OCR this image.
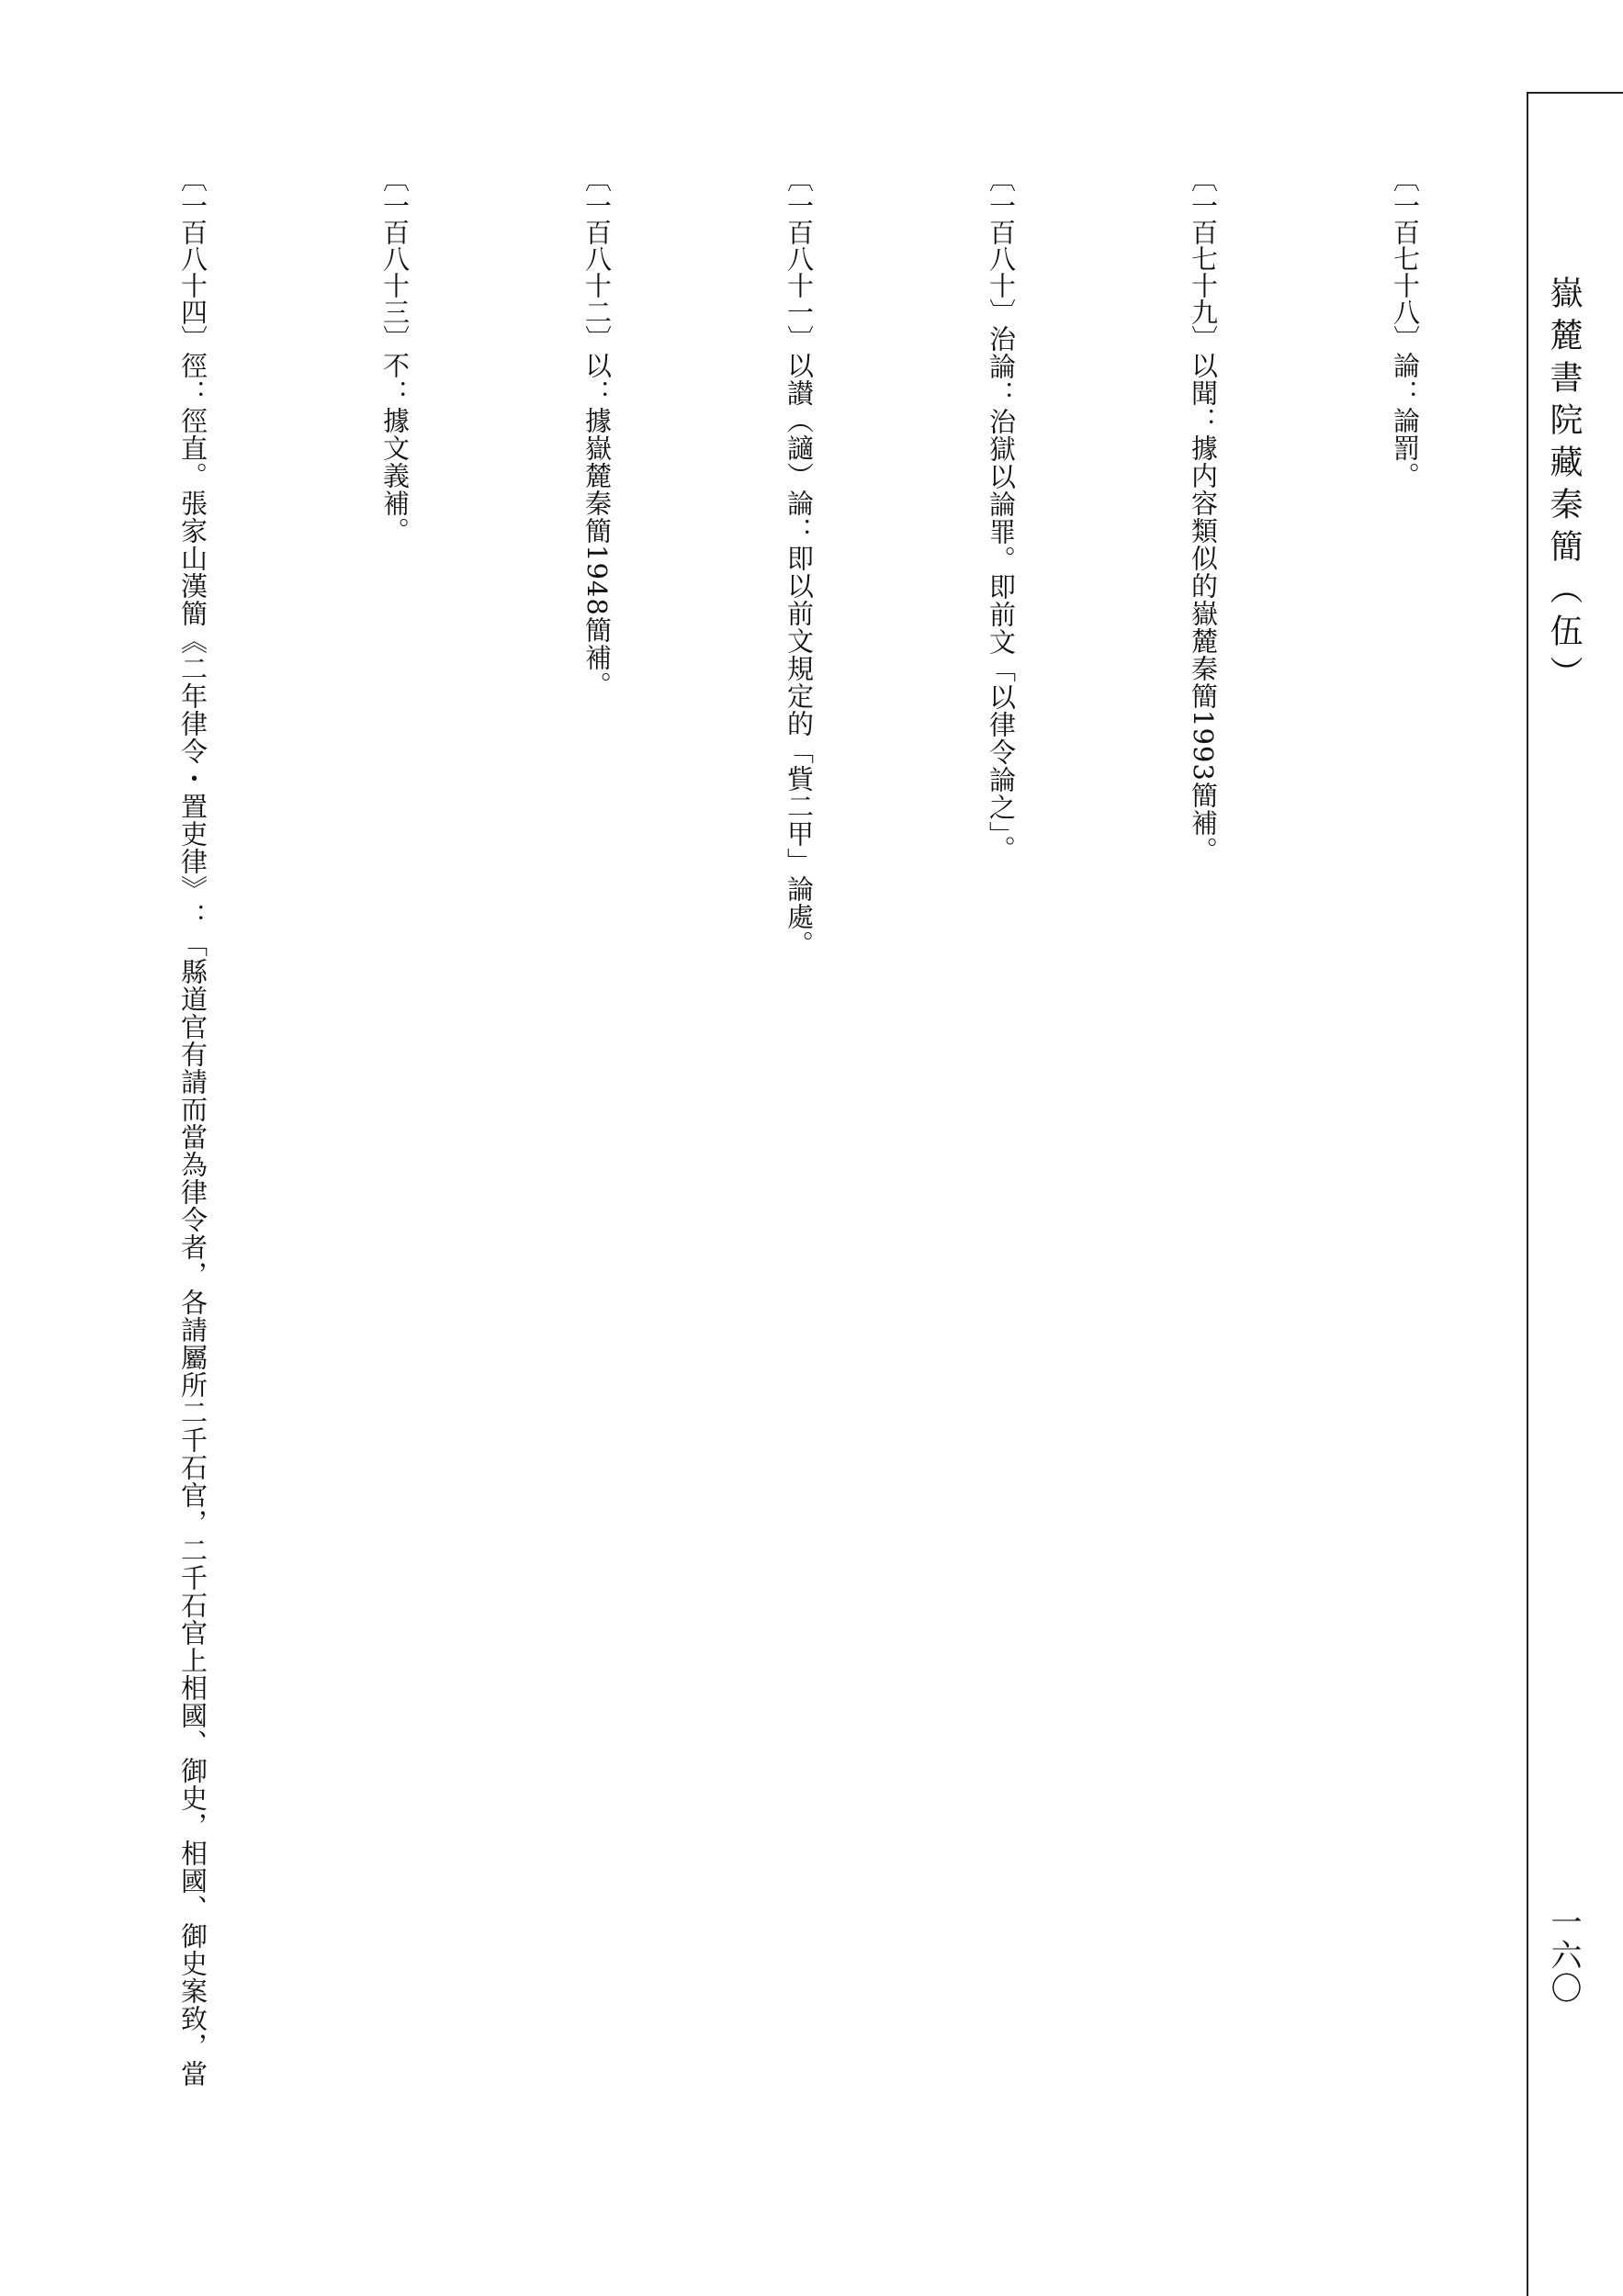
嶽麓書院藏秦簡（伍）
一六〇
〔一百七十八〕論：論罰。
〔一百七十九〕以聞：據内容類似的嶽麓秦簡1993簡補。
〔一百八十〕治論：治獄以論罪。即前文「以律令論之」。
〔一百八十一〕以讃（讁）論：即以前文規定的「貲二甲」論處。
〔一百八十二〕以：據嶽麓秦簡1948簡補。
〔一百八十三〕不：據文義補。
〔一百八十四〕徑：徑直。張家山漢簡《二年律令・置吏律》：「縣道官有請而當為律令者，各請屬所二千石官，二千石官上相國、御史，相國、御史案致，當
